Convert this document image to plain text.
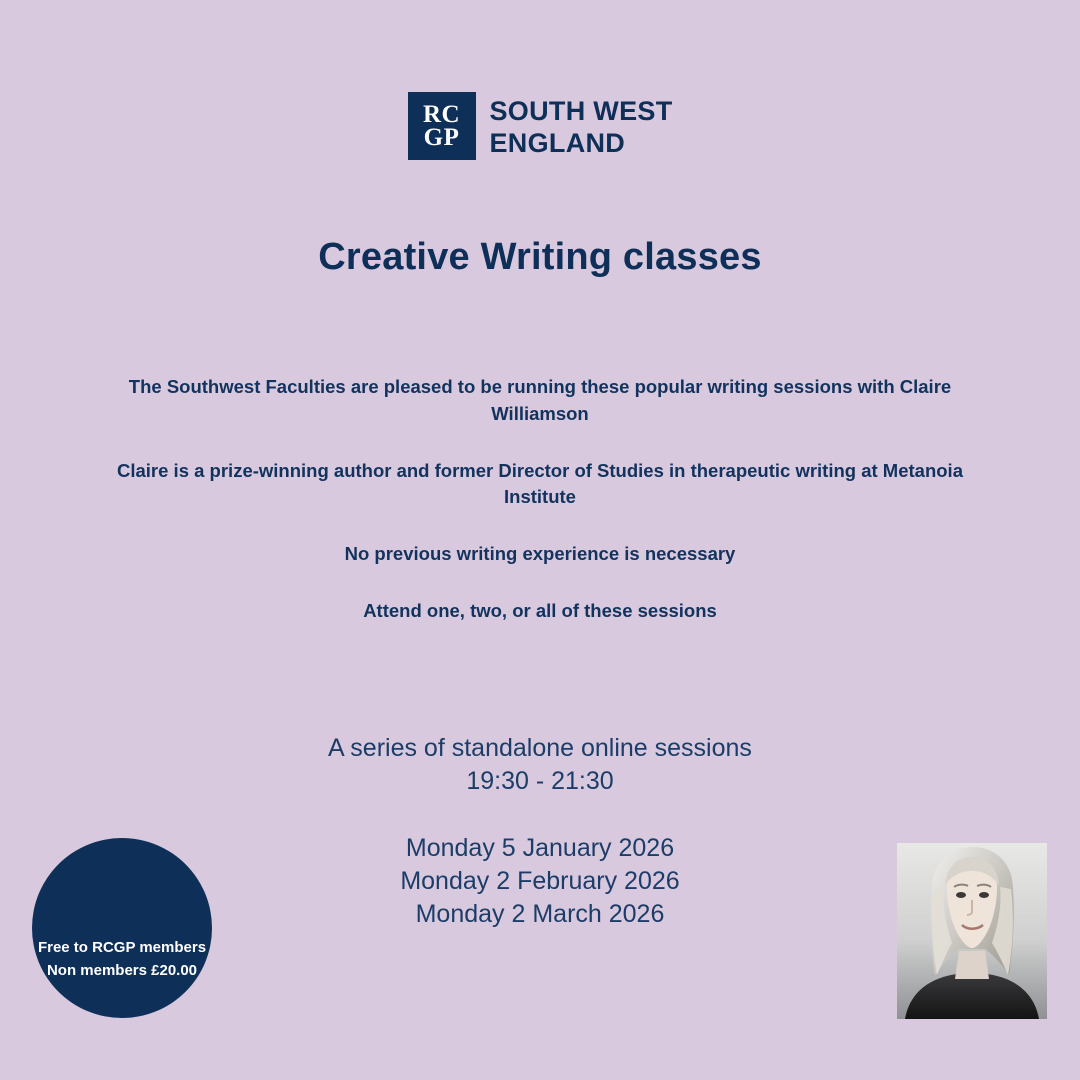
RC
GP
SOUTH WEST
ENGLAND
Creative Writing classes

The Southwest Faculties are pleased to be running these popular writing sessions with Claire Williamson

Claire is a prize-winning author and former Director of Studies in therapeutic writing at Metanoia Institute

No previous writing experience is necessary

Attend one, two, or all of these sessions

A series of standalone online sessions
19:30 - 21:30
Monday 5 January 2026
Monday 2 February 2026
Monday 2 March 2026
Free to RCGP members
Non members £20.00
